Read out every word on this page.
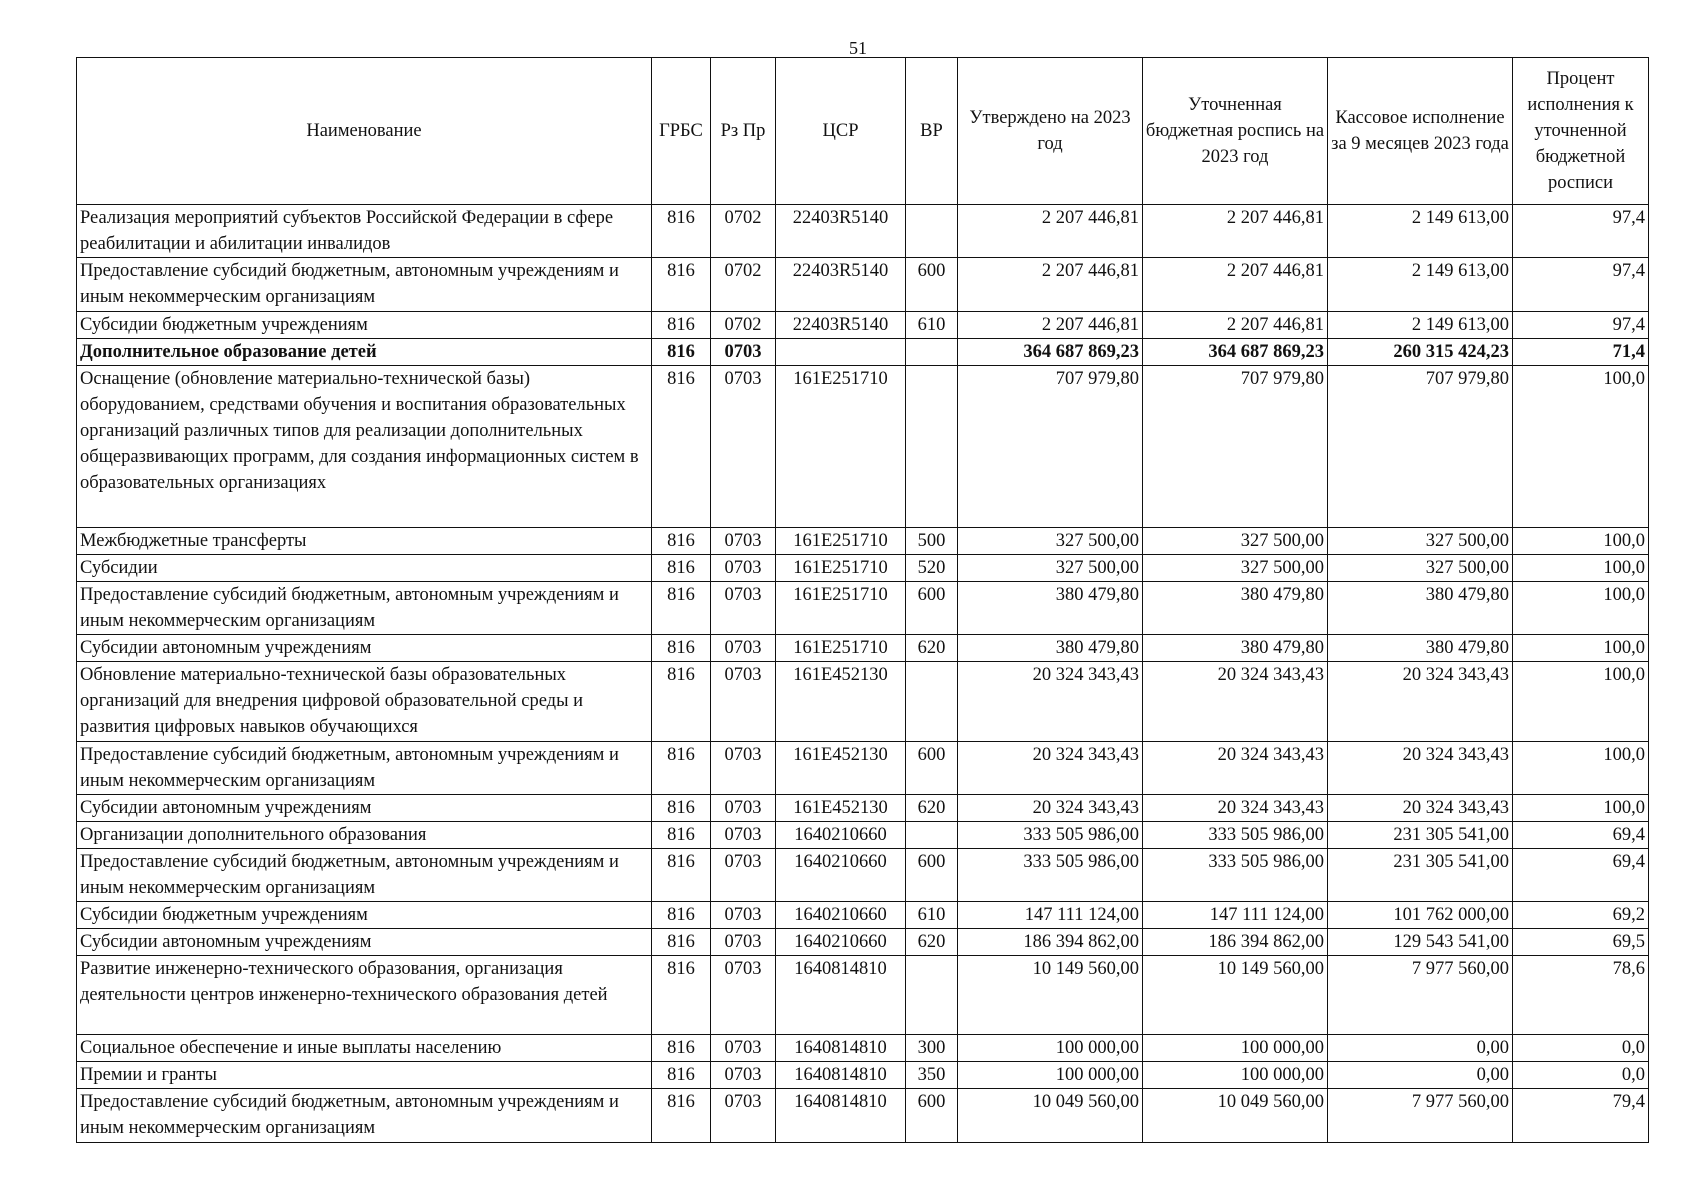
51
Наименование	ГРБС	Рз Пр	ЦСР	ВР	Утверждено на 2023 год	Уточненная бюджетная роспись на 2023 год	Кассовое исполнение за 9 месяцев 2023 года	Процент исполнения к уточненной бюджетной росписи
Реализация мероприятий субъектов Российской Федерации в сфере реабилитации и абилитации инвалидов	816	0702	22403R5140		2 207 446,81	2 207 446,81	2 149 613,00	97,4
Предоставление субсидий бюджетным, автономным учреждениям и иным некоммерческим организациям	816	0702	22403R5140	600	2 207 446,81	2 207 446,81	2 149 613,00	97,4
Субсидии бюджетным учреждениям	816	0702	22403R5140	610	2 207 446,81	2 207 446,81	2 149 613,00	97,4
Дополнительное образование детей	816	0703			364 687 869,23	364 687 869,23	260 315 424,23	71,4
Оснащение (обновление материально-технической базы) оборудованием, средствами обучения и воспитания образовательных организаций различных типов для реализации дополнительных общеразвивающих программ, для создания информационных систем в образовательных организациях	816	0703	161E251710		707 979,80	707 979,80	707 979,80	100,0
Межбюджетные трансферты	816	0703	161E251710	500	327 500,00	327 500,00	327 500,00	100,0
Субсидии	816	0703	161E251710	520	327 500,00	327 500,00	327 500,00	100,0
Предоставление субсидий бюджетным, автономным учреждениям и иным некоммерческим организациям	816	0703	161E251710	600	380 479,80	380 479,80	380 479,80	100,0
Субсидии автономным учреждениям	816	0703	161E251710	620	380 479,80	380 479,80	380 479,80	100,0
Обновление материально-технической базы образовательных организаций для внедрения цифровой образовательной среды и развития цифровых навыков обучающихся	816	0703	161E452130		20 324 343,43	20 324 343,43	20 324 343,43	100,0
Предоставление субсидий бюджетным, автономным учреждениям и иным некоммерческим организациям	816	0703	161E452130	600	20 324 343,43	20 324 343,43	20 324 343,43	100,0
Субсидии автономным учреждениям	816	0703	161E452130	620	20 324 343,43	20 324 343,43	20 324 343,43	100,0
Организации дополнительного образования	816	0703	1640210660		333 505 986,00	333 505 986,00	231 305 541,00	69,4
Предоставление субсидий бюджетным, автономным учреждениям и иным некоммерческим организациям	816	0703	1640210660	600	333 505 986,00	333 505 986,00	231 305 541,00	69,4
Субсидии бюджетным учреждениям	816	0703	1640210660	610	147 111 124,00	147 111 124,00	101 762 000,00	69,2
Субсидии автономным учреждениям	816	0703	1640210660	620	186 394 862,00	186 394 862,00	129 543 541,00	69,5
Развитие инженерно-технического образования, организация деятельности центров инженерно-технического образования детей	816	0703	1640814810		10 149 560,00	10 149 560,00	7 977 560,00	78,6
Социальное обеспечение и иные выплаты населению	816	0703	1640814810	300	100 000,00	100 000,00	0,00	0,0
Премии и гранты	816	0703	1640814810	350	100 000,00	100 000,00	0,00	0,0
Предоставление субсидий бюджетным, автономным учреждениям и иным некоммерческим организациям	816	0703	1640814810	600	10 049 560,00	10 049 560,00	7 977 560,00	79,4
